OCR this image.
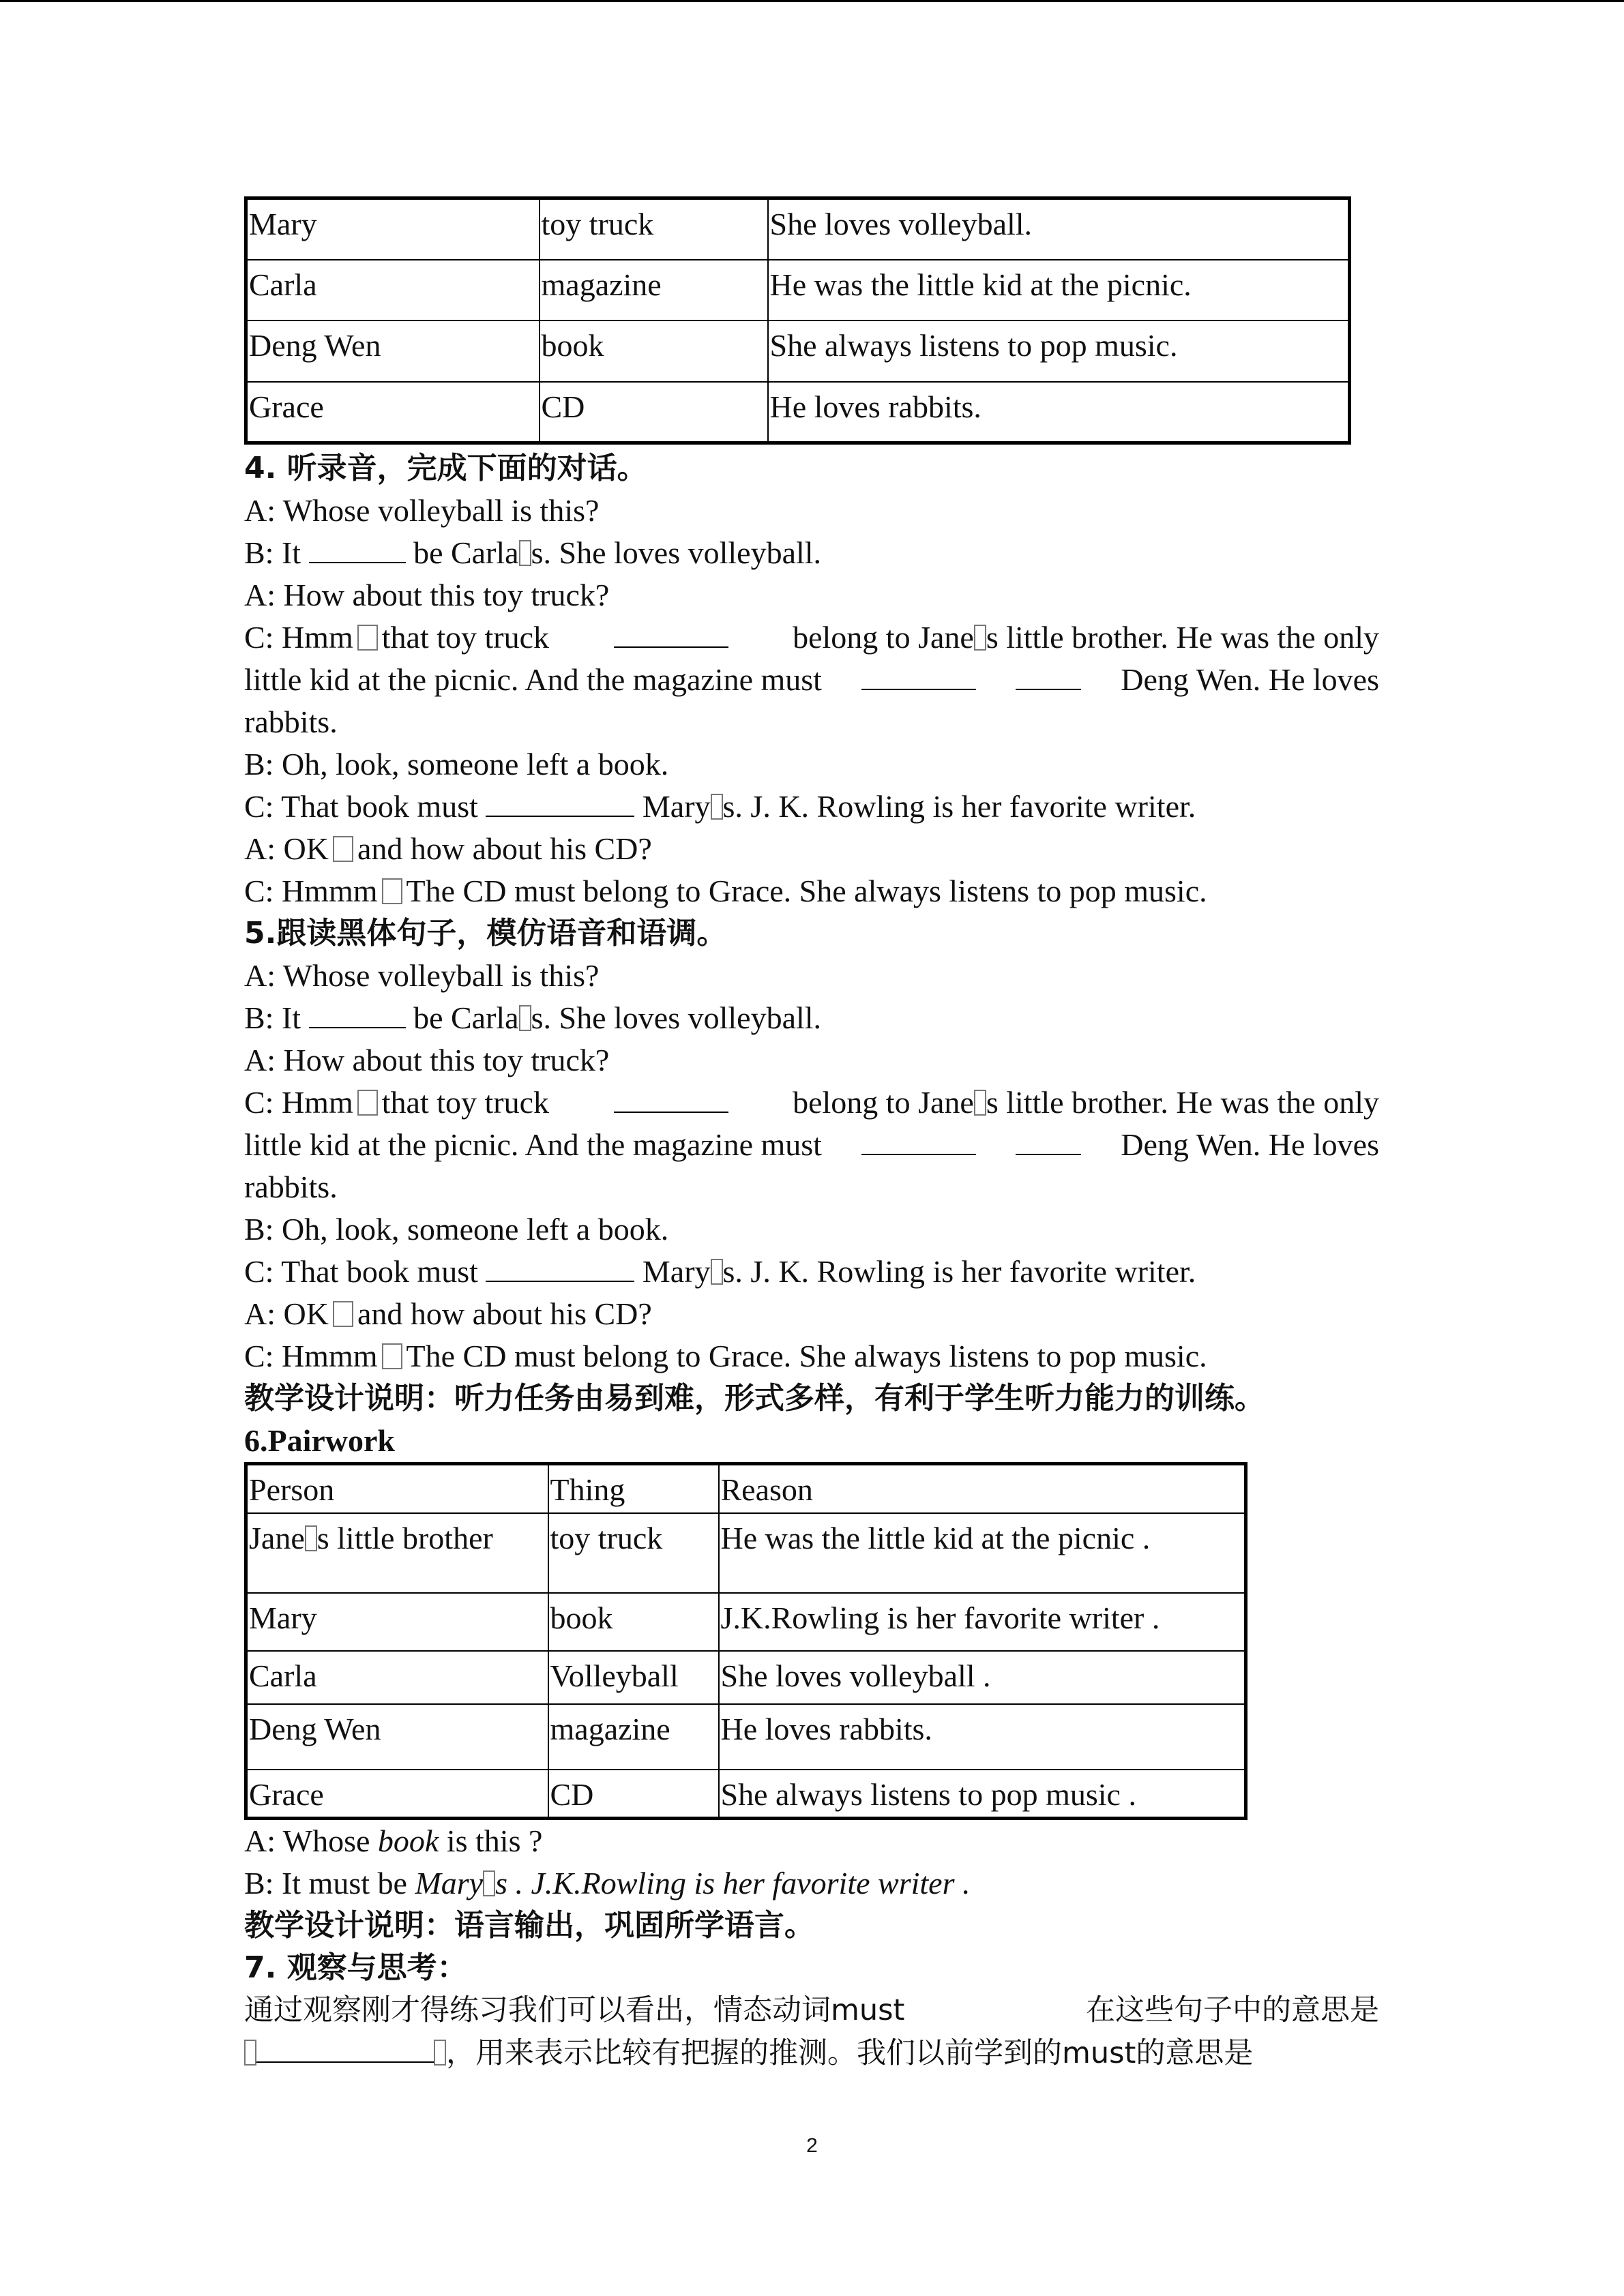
Mary	toy truck	She loves volleyball.
Carla	magazine	He was the little kid at the picnic.
Deng Wen	book	She always listens to pop music.
Grace	CD	He loves rabbits.
4. 听录音，完成下面的对话。
A: Whose volleyball is this?
B: It	be Carla s. She loves volleyball.
A: How about this toy truck?
C: Hmm that toy truck	belong to Jane s little brother. He was the only
little kid at the picnic. And the magazine must	Deng Wen. He loves
rabbits.
B: Oh, look, someone left a book.
C: That book must	Mary s. J. K. Rowling is her favorite writer.
A: OK and how about his CD?
C: Hmmm The CD must belong to Grace. She always listens to pop music.
5.跟读黑体句子，模仿语音和语调。
A: Whose volleyball is this?
B: It	be Carla s. She loves volleyball.
A: How about this toy truck?
C: Hmm that toy truck	belong to Jane s little brother. He was the only
little kid at the picnic. And the magazine must	Deng Wen. He loves
rabbits.
B: Oh, look, someone left a book.
C: That book must	Mary s. J. K. Rowling is her favorite writer.
A: OK and how about his CD?
C: Hmmm The CD must belong to Grace. She always listens to pop music.
教学设计说明：听力任务由易到难，形式多样，有利于学生听力能力的训练。
6.Pairwork
Person	Thing	Reason
Jane s little brother	toy truck	He was the little kid at the picnic .
Mary	book	J.K.Rowling is her favorite writer .
Carla	Volleyball	She loves volleyball .
Deng Wen	magazine	He loves rabbits.
Grace	CD	She always listens to pop music .
A: Whose book is this ?
B: It must be Mary s . J.K.Rowling is her favorite writer .
教学设计说明：语言输出，巩固所学语言。
7. 观察与思考：
通过观察刚才得练习我们可以看出，情态动词must	在这些句子中的意思是
，用来表示比较有把握的推测。我们以前学到的must的意思是
2
